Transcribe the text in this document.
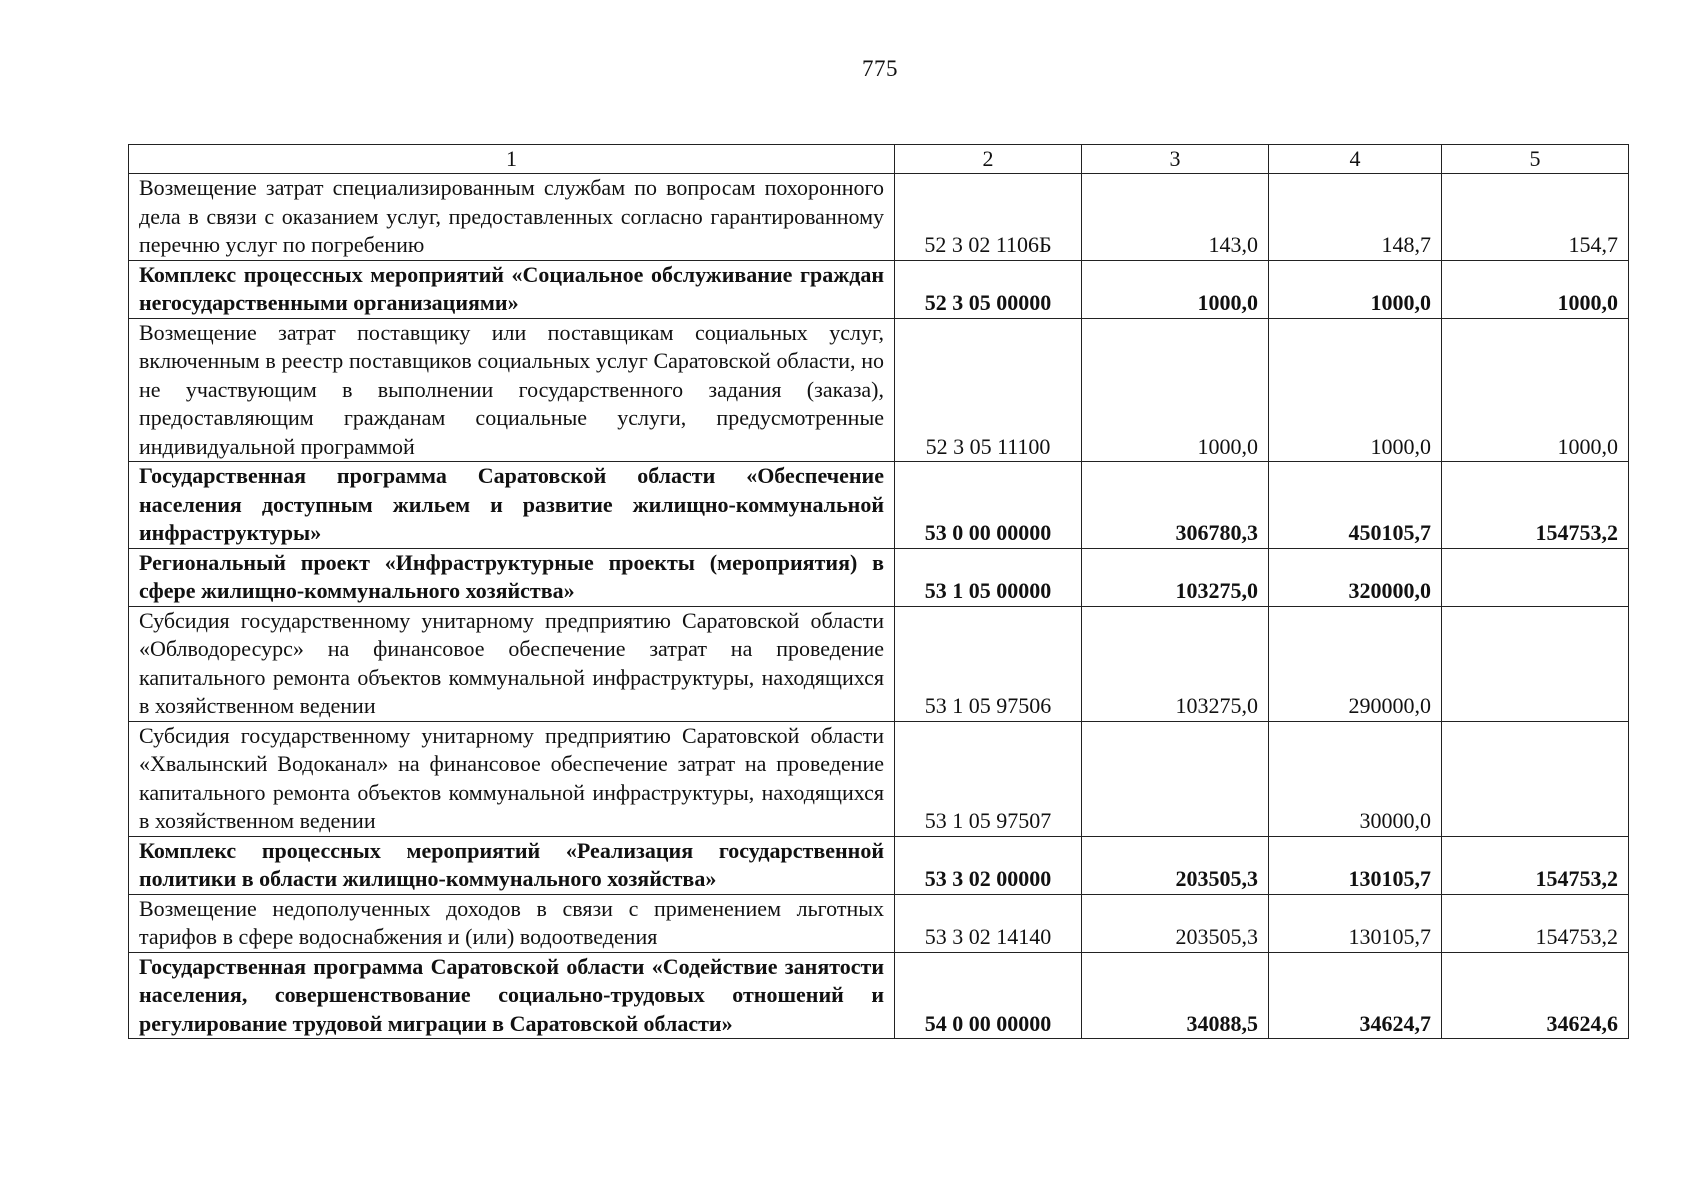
775
1	2	3	4	5
Возмещение затрат специализированным службам по вопросам похоронного дела в связи с оказанием услуг, предоставленных согласно гарантированному перечню услуг по погребению	52 3 02 1106Б	143,0	148,7	154,7
Комплекс процессных мероприятий «Социальное обслуживание граждан негосударственными организациями»	52 3 05 00000	1000,0	1000,0	1000,0
Возмещение затрат поставщику или поставщикам социальных услуг, включенным в реестр поставщиков социальных услуг Саратовской области, но не участвующим в выполнении государственного задания (заказа), предоставляющим гражданам социальные услуги, предусмотренные индивидуальной программой	52 3 05 11100	1000,0	1000,0	1000,0
Государственная программа Саратовской области «Обеспечение населения доступным жильем и развитие жилищно-коммунальной инфраструктуры»	53 0 00 00000	306780,3	450105,7	154753,2
Региональный проект «Инфраструктурные проекты (мероприятия) в сфере жилищно-коммунального хозяйства»	53 1 05 00000	103275,0	320000,0	
Субсидия государственному унитарному предприятию Саратовской области «Облводоресурс» на финансовое обеспечение затрат на проведение капитального ремонта объектов коммунальной инфраструктуры, находящихся в хозяйственном ведении	53 1 05 97506	103275,0	290000,0	
Субсидия государственному унитарному предприятию Саратовской области «Хвалынский Водоканал» на финансовое обеспечение затрат на проведение капитального ремонта объектов коммунальной инфраструктуры, находящихся в хозяйственном ведении	53 1 05 97507		30000,0	
Комплекс процессных мероприятий «Реализация государственной политики в области жилищно-коммунального хозяйства»	53 3 02 00000	203505,3	130105,7	154753,2
Возмещение недополученных доходов в связи с применением льготных тарифов в сфере водоснабжения и (или) водоотведения	53 3 02 14140	203505,3	130105,7	154753,2
Государственная программа Саратовской области «Содействие занятости населения, совершенствование социально-трудовых отношений и регулирование трудовой миграции в Саратовской области»	54 0 00 00000	34088,5	34624,7	34624,6
